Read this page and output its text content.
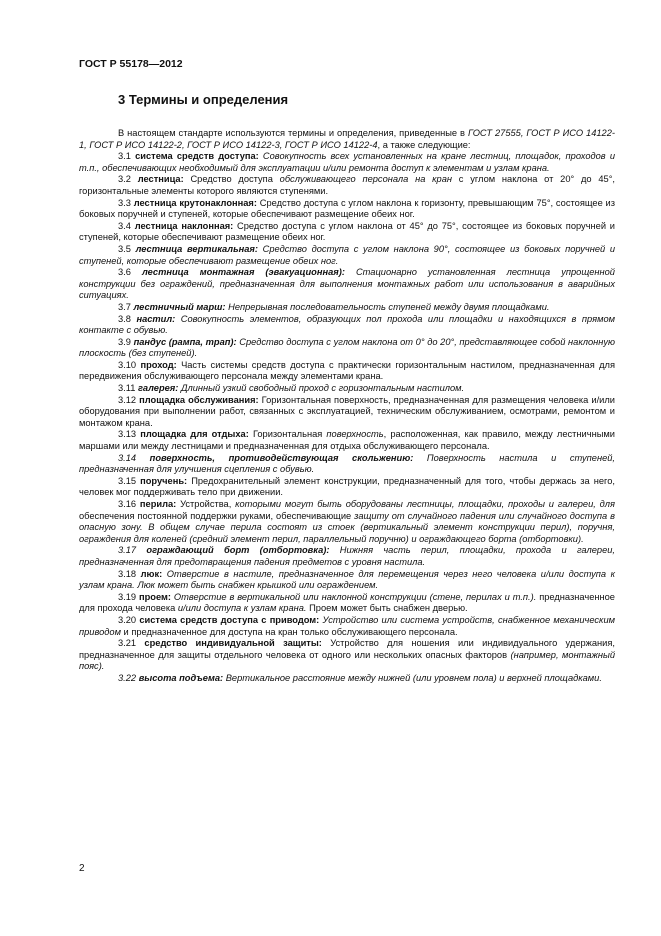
ГОСТ Р 55178—2012
3 Термины и определения

В настоящем стандарте используются термины и определения, приведенные в ГОСТ 27555, ГОСТ Р ИСО 14122-1, ГОСТ Р ИСО 14122-2, ГОСТ Р ИСО 14122-3, ГОСТ Р ИСО 14122-4, а также следующие:

3.1 система средств доступа: Совокупность всех установленных на кране лестниц, площадок, проходов и т.п., обеспечивающих необходимый для эксплуатации и/или ремонта доступ к элементам и узлам крана.

3.2 лестница: Средство доступа обслуживающего персонала на кран с углом наклона от 20° до 45°, горизонтальные элементы которого являются ступенями.

3.3 лестница крутонаклонная: Средство доступа с углом наклона к горизонту, превышающим 75°, состоящее из боковых поручней и ступеней, которые обеспечивают размещение обеих ног.

3.4 лестница наклонная: Средство доступа с углом наклона от 45° до 75°, состоящее из боковых поручней и ступеней, которые обеспечивают размещение обеих ног.

3.5 лестница вертикальная: Средство доступа с углом наклона 90°, состоящее из боковых поручней и ступеней, которые обеспечивают размещение обеих ног.

3.6 лестница монтажная (эвакуационная): Стационарно установленная лестница упрощенной конструкции без ограждений, предназначенная для выполнения монтажных работ или использования в аварийных ситуациях.

3.7 лестничный марш: Непрерывная последовательность ступеней между двумя площадками.

3.8 настил: Совокупность элементов, образующих пол прохода или площадки и находящихся в прямом контакте с обувью.

3.9 пандус (рампа, трап): Средство доступа с углом наклона от 0° до 20°, представляющее собой наклонную плоскость (без ступеней).

3.10 проход: Часть системы средств доступа с практически горизонтальным настилом, предназначенная для передвижения обслуживающего персонала между элементами крана.

3.11 галерея: Длинный узкий свободный проход с горизонтальным настилом.

3.12 площадка обслуживания: Горизонтальная поверхность, предназначенная для размещения человека и/или оборудования при выполнении работ, связанных с эксплуатацией, техническим обслуживанием, осмотрами, ремонтом и монтажом крана.

3.13 площадка для отдыха: Горизонтальная поверхность, расположенная, как правило, между лестничными маршами или между лестницами и предназначенная для отдыха обслуживающего персонала.

3.14 поверхность, противодействующая скольжению: Поверхность настила и ступеней, предназначенная для улучшения сцепления с обувью.

3.15 поручень: Предохранительный элемент конструкции, предназначенный для того, чтобы держась за него, человек мог поддерживать тело при движении.

3.16 перила: Устройства, которыми могут быть оборудованы лестницы, площадки, проходы и галереи, для обеспечения постоянной поддержки руками, обеспечивающие защиту от случайного падения или случайного доступа в опасную зону. В общем случае перила состоят из стоек (вертикальный элемент конструкции перил), поручня, ограждения для коленей (средний элемент перил, параллельный поручню) и ограждающего борта (отбортовки).

3.17 ограждающий борт (отбортовка): Нижняя часть перил, площадки, прохода и галереи, предназначенная для предотвращения падения предметов с уровня настила.

3.18 люк: Отверстие в настиле, предназначенное для перемещения через него человека и/или доступа к узлам крана. Люк может быть снабжен крышкой или ограждением.

3.19 проем: Отверстие в вертикальной или наклонной конструкции (стене, перилах и т.п.). предназначенное для прохода человека и/или доступа к узлам крана. Проем может быть снабжен дверью.

3.20 система средств доступа с приводом: Устройство или система устройств, снабженное механическим приводом и предназначенное для доступа на кран только обслуживающего персонала.

3.21 средство индивидуальной защиты: Устройство для ношения или индивидуального удержания, предназначенное для защиты отдельного человека от одного или нескольких опасных факторов (например, монтажный пояс).

3.22 высота подъема: Вертикальное расстояние между нижней (или уровнем пола) и верхней площадками.

2
